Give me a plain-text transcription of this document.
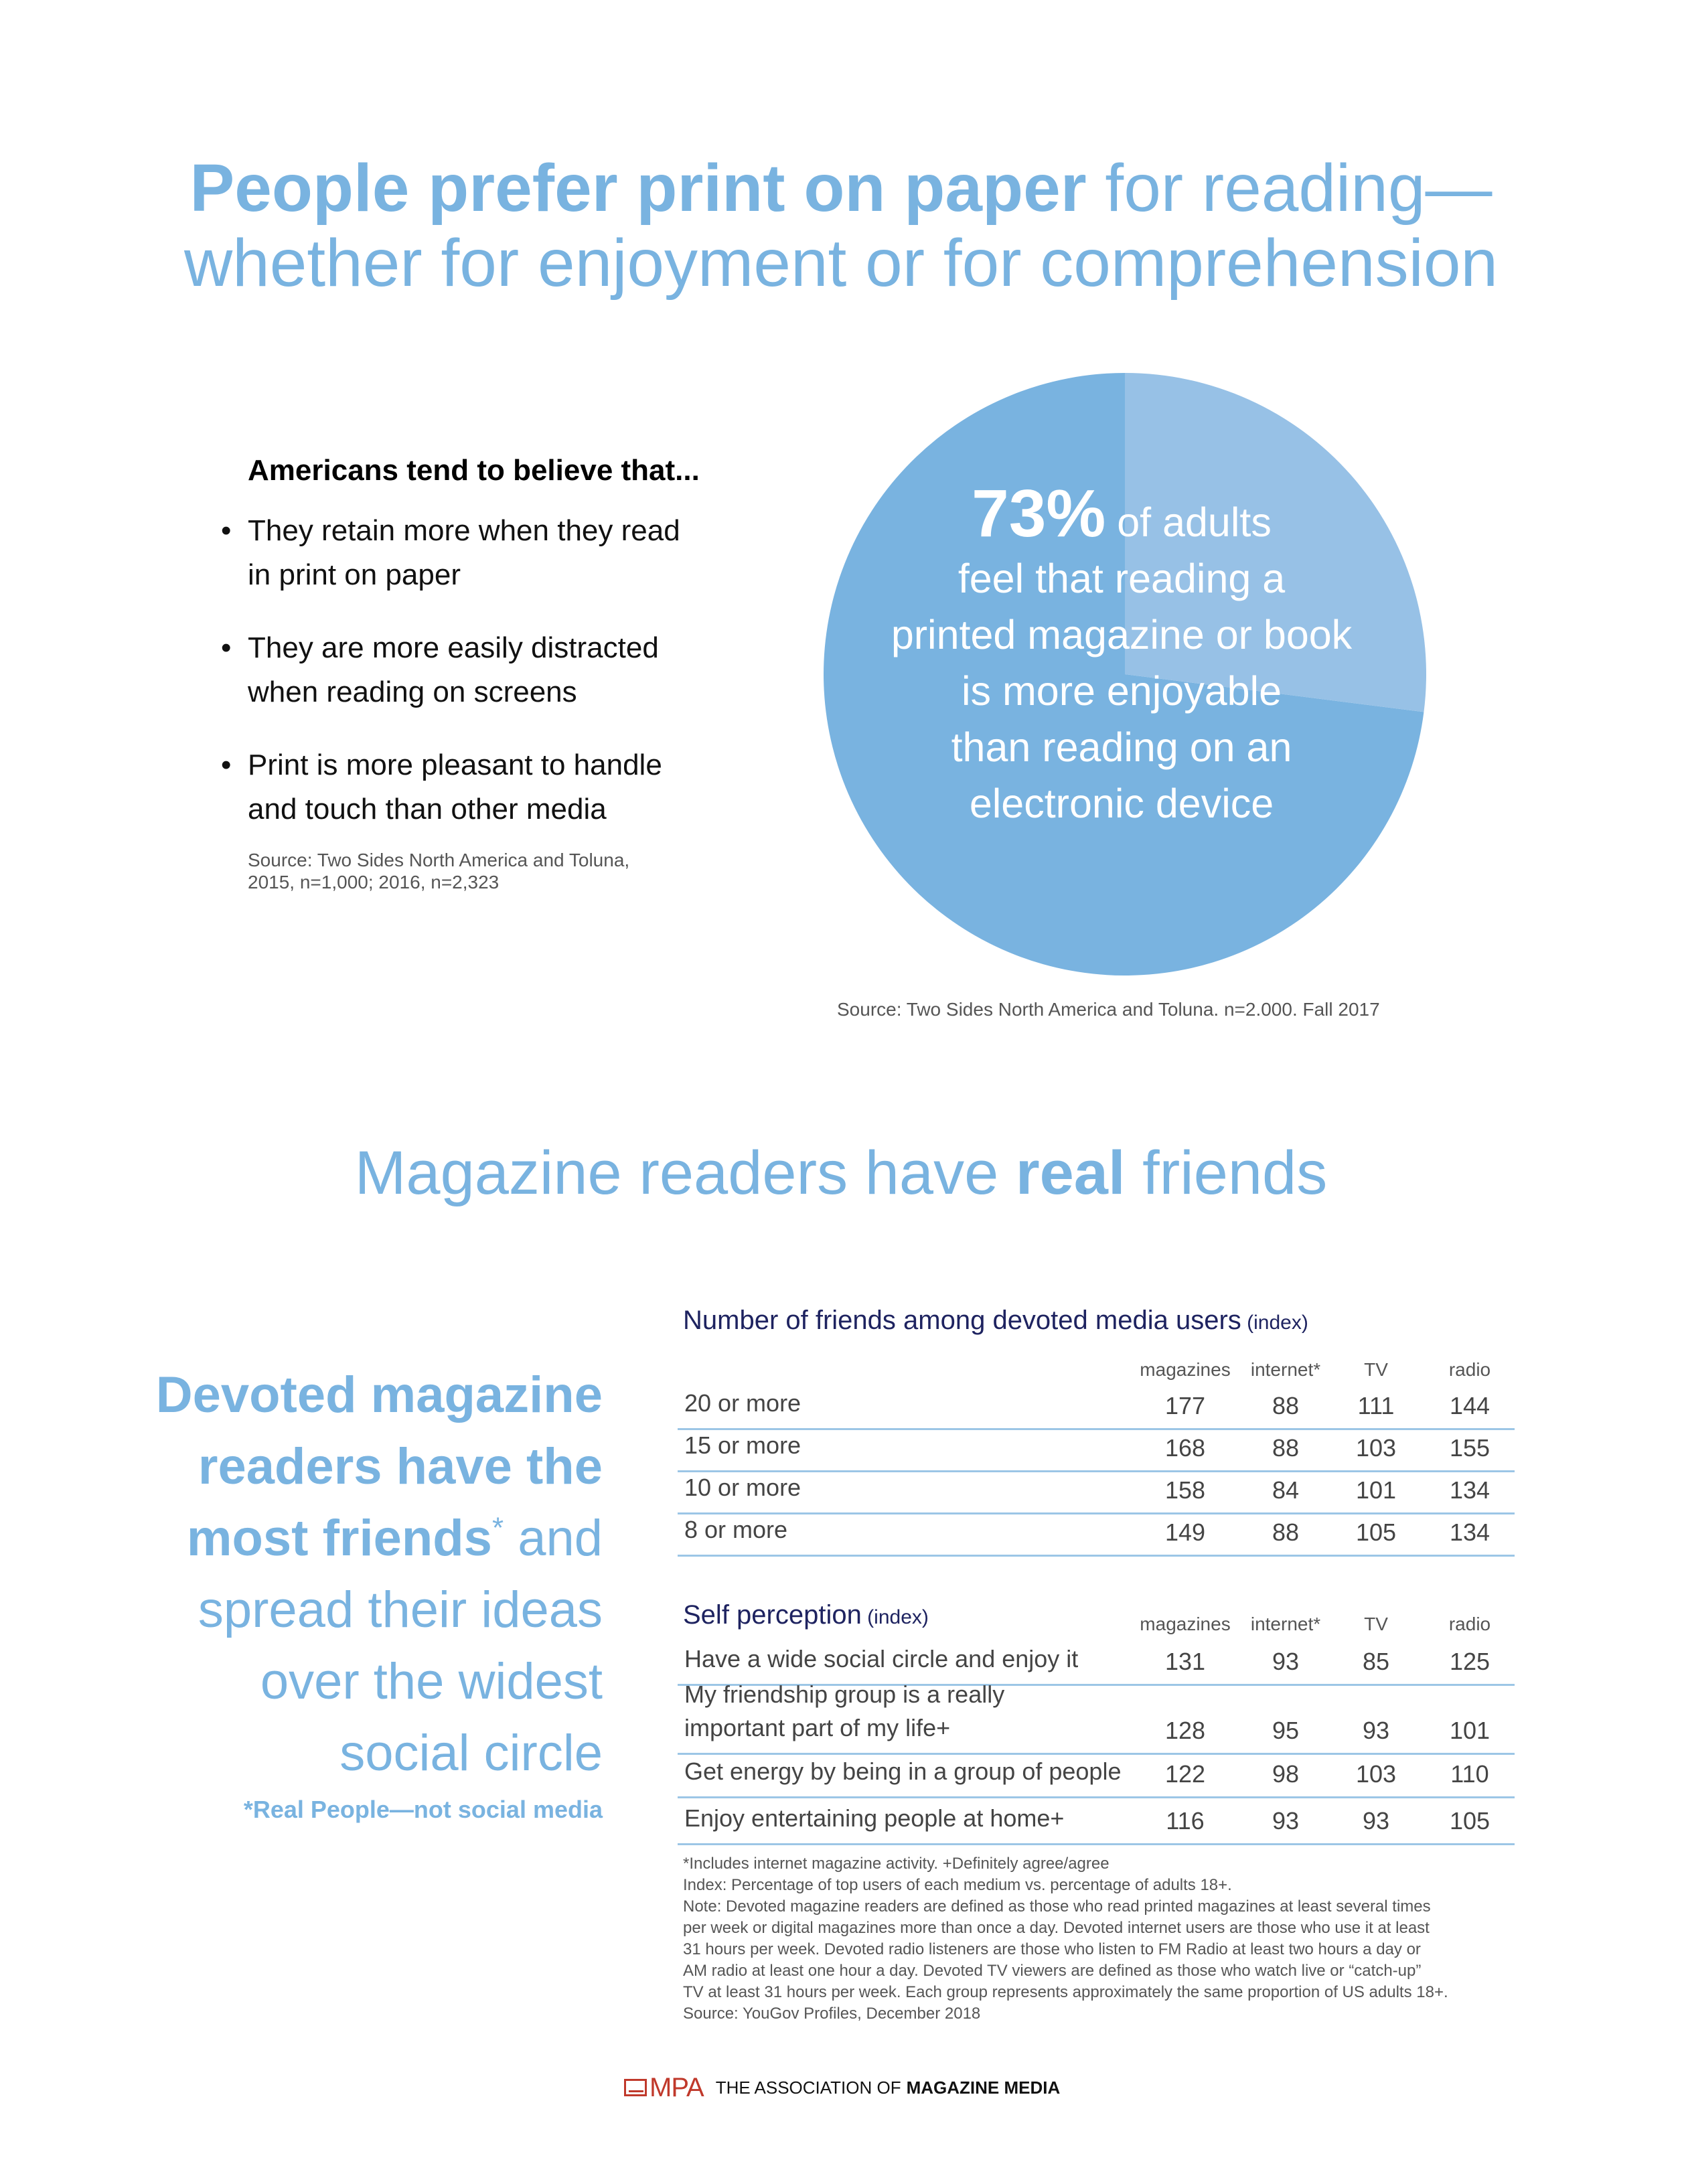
People prefer print on paper for reading—
whether for enjoyment or for comprehension
Americans tend to believe that...
• They retain more when they read
in print on paper
• They are more easily distracted
when reading on screens
• Print is more pleasant to handle
and touch than other media
Source: Two Sides North America and Toluna,
2015, n=1,000; 2016, n=2,323
73% of adults
feel that reading a
printed magazine or book
is more enjoyable
than reading on an
electronic device
Source: Two Sides North America and Toluna. n=2.000. Fall 2017
Magazine readers have real friends
Devoted magazine
readers have the
most friends* and
spread their ideas
over the widest
social circle
*Real People—not social media
Number of friends among devoted media users (index)
magazines	internet*	TV	radio
20 or more	177	88	111	144
15 or more	168	88	103	155
10 or more	158	84	101	134
8 or more	149	88	105	134
Self perception (index)	magazines	internet*	TV	radio
Have a wide social circle and enjoy it	131	93	85	125
My friendship group is a really
important part of my life+	128	95	93	101
Get energy by being in a group of people	122	98	103	110
Enjoy entertaining people at home+	116	93	93	105
*Includes internet magazine activity. +Definitely agree/agree
Index: Percentage of top users of each medium vs. percentage of adults 18+.
Note: Devoted magazine readers are defined as those who read printed magazines at least several times
per week or digital magazines more than once a day. Devoted internet users are those who use it at least
31 hours per week. Devoted radio listeners are those who listen to FM Radio at least two hours a day or
AM radio at least one hour a day. Devoted TV viewers are defined as those who watch live or “catch-up”
TV at least 31 hours per week. Each group represents approximately the same proportion of US adults 18+.
Source: YouGov Profiles, December 2018
MPA THE ASSOCIATION OF MAGAZINE MEDIA
